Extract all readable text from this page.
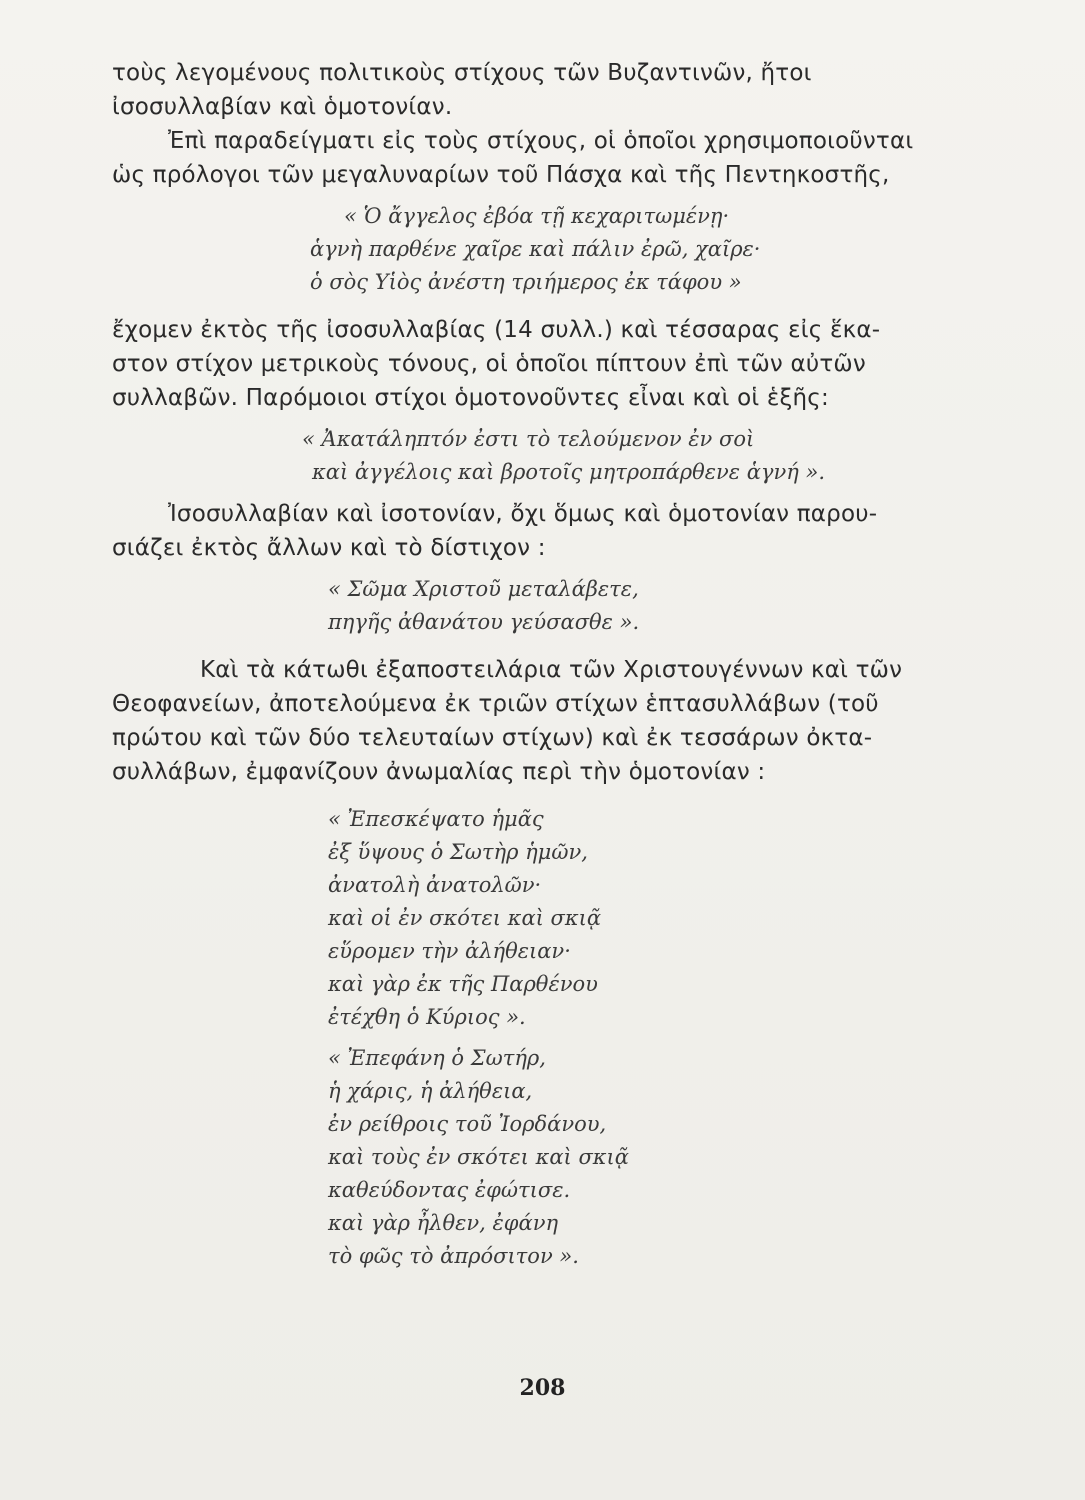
τοὺς λεγομένους πολιτικοὺς στίχους τῶν Βυζαντινῶν, ἤτοι
ἰσοσυλλαβίαν καὶ ὁμοτονίαν.
Ἐπὶ παραδείγματι εἰς τοὺς στίχους, οἱ ὁποῖοι χρησιμοποιοῦνται
ὡς πρόλογοι τῶν μεγαλυναρίων τοῦ Πάσχα καὶ τῆς Πεντηκοστῆς,
« Ὁ ἄγγελος ἐβόα τῇ κεχαριτωμένῃ·
ἁγνὴ παρθένε χαῖρε καὶ πάλιν ἐρῶ, χαῖρε·
ὁ σὸς Υἱὸς ἀνέστη τριήμερος ἐκ τάφου »
ἔχομεν ἐκτὸς τῆς ἰσοσυλλαβίας (14 συλλ.) καὶ τέσσαρας εἰς ἕκα-
στον στίχον μετρικοὺς τόνους, οἱ ὁποῖοι πίπτουν ἐπὶ τῶν αὐτῶν
συλλαβῶν. Παρόμοιοι στίχοι ὁμοτονοῦντες εἶναι καὶ οἱ ἑξῆς:
« Ἀκατάληπτόν ἐστι τὸ τελούμενον ἐν σοὶ
καὶ ἀγγέλοις καὶ βροτοῖς μητροπάρθενε ἁγνή ».
Ἰσοσυλλαβίαν καὶ ἰσοτονίαν, ὄχι ὅμως καὶ ὁμοτονίαν παρου-
σιάζει ἐκτὸς ἄλλων καὶ τὸ δίστιχον :
« Σῶμα Χριστοῦ μεταλάβετε,
πηγῆς ἀθανάτου γεύσασθε ».
Καὶ τὰ κάτωθι ἐξαποστειλάρια τῶν Χριστουγέννων καὶ τῶν
Θεοφανείων, ἀποτελούμενα ἐκ τριῶν στίχων ἑπτασυλλάβων (τοῦ
πρώτου καὶ τῶν δύο τελευταίων στίχων) καὶ ἐκ τεσσάρων ὀκτα-
συλλάβων, ἐμφανίζουν ἀνωμαλίας περὶ τὴν ὁμοτονίαν :
« Ἐπεσκέψατο ἡμᾶς
ἐξ ὕψους ὁ Σωτὴρ ἡμῶν,
ἀνατολὴ ἀνατολῶν·
καὶ οἱ ἐν σκότει καὶ σκιᾷ
εὕρομεν τὴν ἀλήθειαν·
καὶ γὰρ ἐκ τῆς Παρθένου
ἐτέχθη ὁ Κύριος ».
« Ἐπεφάνη ὁ Σωτήρ,
ἡ χάρις, ἡ ἀλήθεια,
ἐν ρείθροις τοῦ Ἰορδάνου,
καὶ τοὺς ἐν σκότει καὶ σκιᾷ
καθεύδοντας ἐφώτισε.
καὶ γὰρ ἦλθεν, ἐφάνη
τὸ φῶς τὸ ἀπρόσιτον ».
208
